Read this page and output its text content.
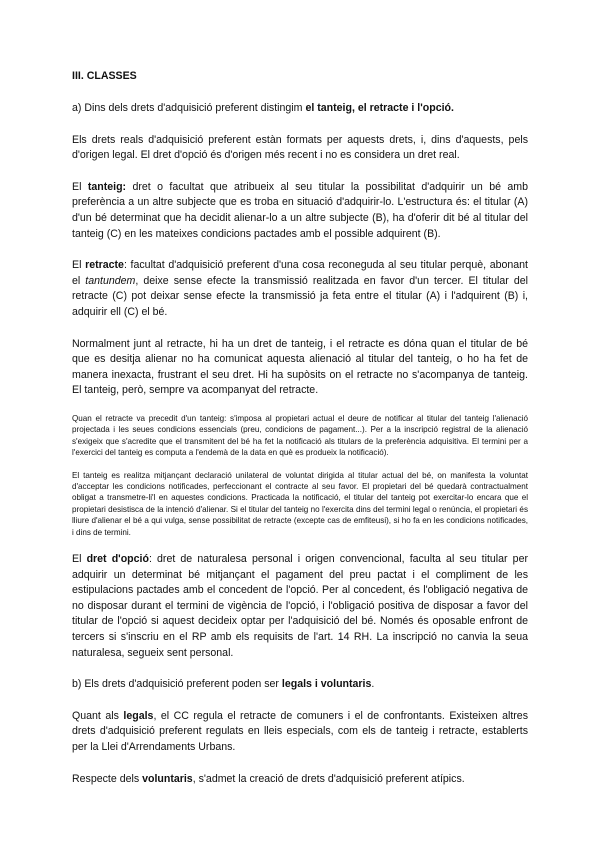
III. CLASSES

a) Dins dels drets d'adquisició preferent distingim el tanteig, el retracte i l'opció.

Els drets reals d'adquisició preferent estàn formats per aquests drets, i, dins d'aquests, pels d'origen legal. El dret d'opció és d'origen més recent i no es considera un dret real.

El tanteig: dret o facultat que atribueix al seu titular la possibilitat d'adquirir un bé amb preferència a un altre subjecte que es troba en situació d'adquirir-lo. L'estructura és: el titular (A) d'un bé determinat que ha decidit alienar-lo a un altre subjecte (B), ha d'oferir dit bé al titular del tanteig (C) en les mateixes condicions pactades amb el possible adquirent (B).

El retracte: facultat d'adquisició preferent d'una cosa reconeguda al seu titular perquè, abonant el tantundem, deixe sense efecte la transmissió realitzada en favor d'un tercer. El titular del retracte (C) pot deixar sense efecte la transmissió ja feta entre el titular (A) i l'adquirent (B) i, adquirir ell (C) el bé.

Normalment junt al retracte, hi ha un dret de tanteig, i el retracte es dóna quan el titular de bé que es desitja alienar no ha comunicat aquesta alienació al titular del tanteig, o ho ha fet de manera inexacta, frustrant el seu dret. Hi ha supòsits on el retracte no s'acompanya de tanteig. El tanteig, però, sempre va acompanyat del retracte.

Quan el retracte va precedit d'un tanteig: s'imposa al propietari actual el deure de notificar al titular del tanteig l'alienació projectada i les seues condicions essencials (preu, condicions de pagament...). Per a la inscripció registral de la alienació s'exigeix que s'acredite que el transmitent del bé ha fet la notificació als titulars de la preferència adquisitiva. El termini per a l'exercici del tanteig es computa a l'endemà de la data en què es produeix la notificació).

El tanteig es realitza mitjançant declaració unilateral de voluntat dirigida al titular actual del bé, on manifesta la voluntat d'acceptar les condicions notificades, perfeccionant el contracte al seu favor. El propietari del bé quedarà contractualment obligat a transmetre-li'l en aquestes condicions. Practicada la notificació, el titular del tanteig pot exercitar-lo encara que el propietari desistisca de la intenció d'alienar. Si el titular del tanteig no l'exercita dins del termini legal o renúncia, el propietari és lliure d'alienar el bé a qui vulga, sense possibilitat de retracte (excepte cas de emfiteusi), si ho fa en les condicions notificades, i dins de termini.

El dret d'opció: dret de naturalesa personal i origen convencional, faculta al seu titular per adquirir un determinat bé mitjançant el pagament del preu pactat i el compliment de les estipulacions pactades amb el concedent de l'opció. Per al concedent, és l'obligació negativa de no disposar durant el termini de vigència de l'opció, i l'obligació positiva de disposar a favor del titular de l'opció si aquest decideix optar per l'adquisició del bé. Només és oposable enfront de tercers si s'inscriu en el RP amb els requisits de l'art. 14 RH. La inscripció no canvia la seua naturalesa, segueix sent personal.

b) Els drets d'adquisició preferent poden ser legals i voluntaris.

Quant als legals, el CC regula el retracte de comuners i el de confrontants. Existeixen altres drets d'adquisició preferent regulats en lleis especials, com els de tanteig i retracte, establerts per la Llei d'Arrendaments Urbans.

Respecte dels voluntaris, s'admet la creació de drets d'adquisició preferent atípics.
